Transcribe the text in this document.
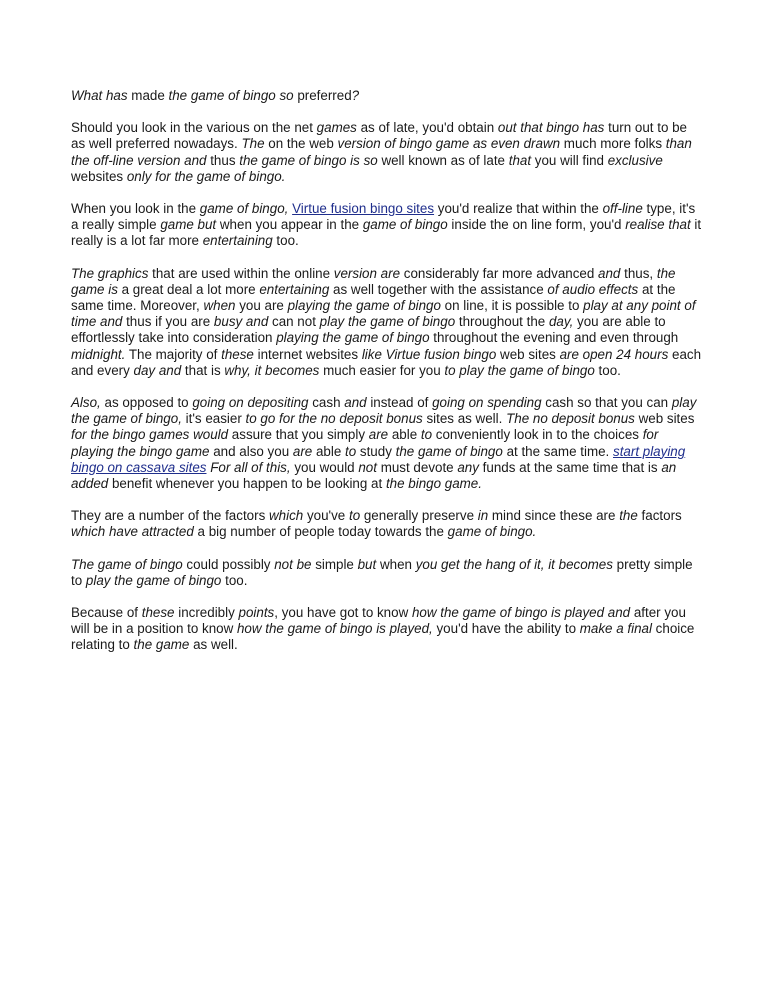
What has made the game of bingo so preferred?

Should you look in the various on the net games as of late, you'd obtain out that bingo has turn out to be as well preferred nowadays. The on the web version of bingo game as even drawn much more folks than the off-line version and thus the game of bingo is so well known as of late that you will find exclusive websites only for the game of bingo.

When you look in the game of bingo, Virtue fusion bingo sites you'd realize that within the off-line type, it's a really simple game but when you appear in the game of bingo inside the on line form, you'd realise that it really is a lot far more entertaining too.

The graphics that are used within the online version are considerably far more advanced and thus, the game is a great deal a lot more entertaining as well together with the assistance of audio effects at the same time. Moreover, when you are playing the game of bingo on line, it is possible to play at any point of time and thus if you are busy and can not play the game of bingo throughout the day, you are able to effortlessly take into consideration playing the game of bingo throughout the evening and even through midnight. The majority of these internet websites like Virtue fusion bingo web sites are open 24 hours each and every day and that is why, it becomes much easier for you to play the game of bingo too.

Also, as opposed to going on depositing cash and instead of going on spending cash so that you can play the game of bingo, it's easier to go for the no deposit bonus sites as well. The no deposit bonus web sites for the bingo games would assure that you simply are able to conveniently look in to the choices for playing the bingo game and also you are able to study the game of bingo at the same time. start playing bingo on cassava sites For all of this, you would not must devote any funds at the same time that is an added benefit whenever you happen to be looking at the bingo game.

They are a number of the factors which you've to generally preserve in mind since these are the factors which have attracted a big number of people today towards the game of bingo.

The game of bingo could possibly not be simple but when you get the hang of it, it becomes pretty simple to play the game of bingo too.

Because of these incredibly points, you have got to know how the game of bingo is played and after you will be in a position to know how the game of bingo is played, you'd have the ability to make a final choice relating to the game as well.
